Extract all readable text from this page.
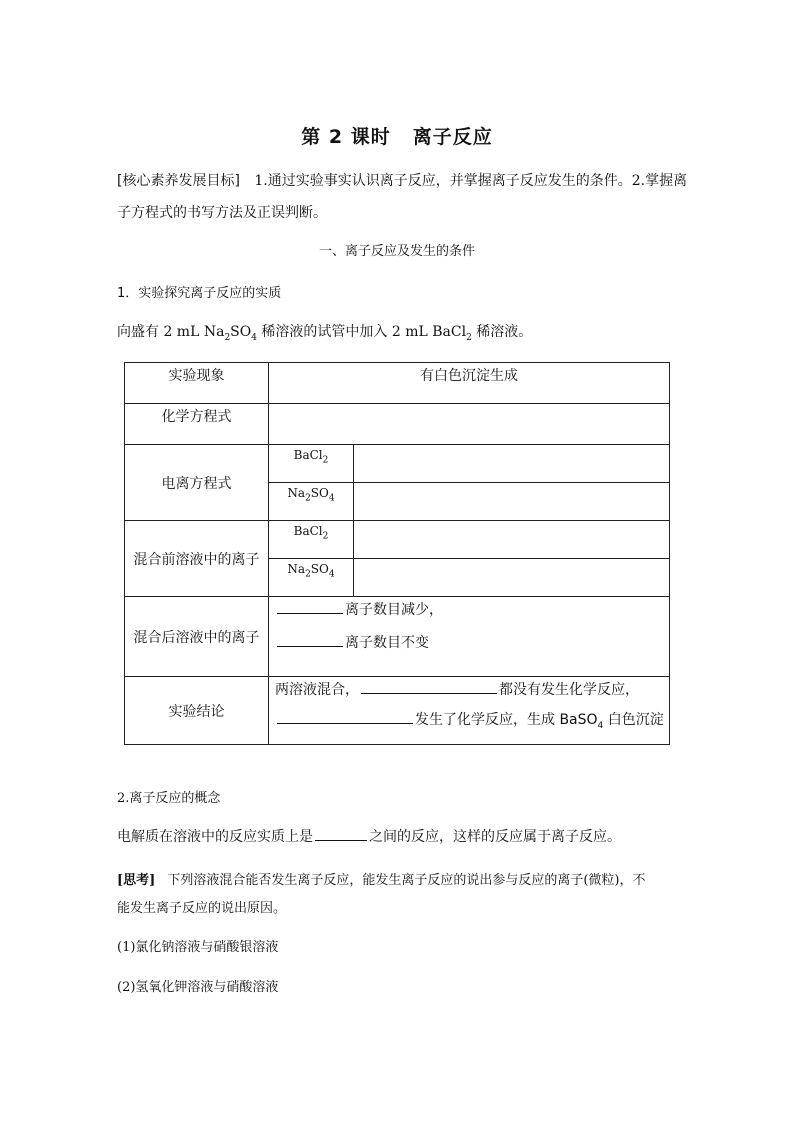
第 2 课时 离子反应
[核心素养发展目标] 1.通过实验事实认识离子反应，并掌握离子反应发生的条件。2.掌握离
子方程式的书写方法及正误判断。
一、离子反应及发生的条件
1．实验探究离子反应的实质
向盛有 2 mL $Na_2SO_4$ 稀溶液的试管中加入 2 mL BaCl$_2$ 稀溶液。
实验现象	有白色沉淀生成	
化学方程式		
电离方程式	BaCl$_2$	
	$Na_2SO_4$	
混合前溶液中的离子	BaCl$_2$	
	$Na_2SO_4$	
混合后溶液中的离子	离子数目减少，
离子数目不变	

实验结论	两溶液混合， 都没有发生化学反应，
发生了化学反应，生成 BaSO$_4$ 白色沉淀	
2.离子反应的概念
电解质在溶液中的反应实质上是	之间的反应，这样的反应属于离子反应。
[思考] 下列溶液混合能否发生离子反应，能发生离子反应的说出参与反应的离子(微粒)，不
能发生离子反应的说出原因。
(1)氯化钠溶液与硝酸银溶液
(2)氢氧化钾溶液与硝酸溶液
